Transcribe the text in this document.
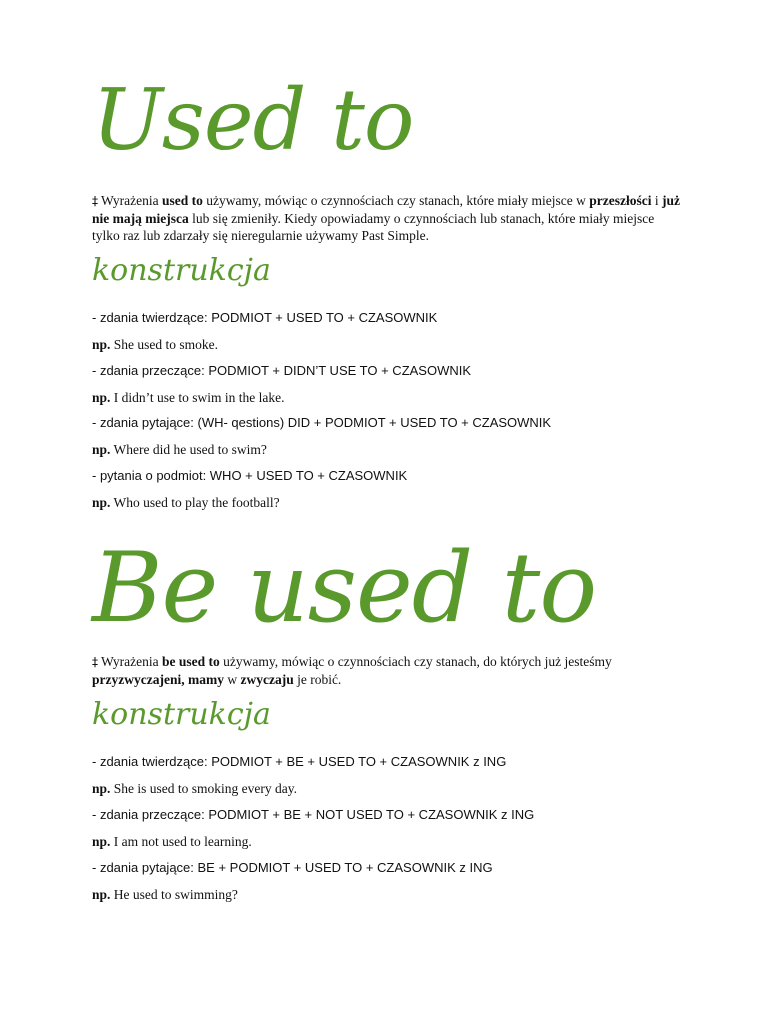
Used to
‡ Wyrażenia used to używamy, mówiąc o czynnościach czy stanach, które miały miejsce w przeszłości i już nie mają miejsca lub się zmieniły. Kiedy opowiadamy o czynnościach lub stanach, które miały miejsce tylko raz lub zdarzały się nieregularnie używamy Past Simple.
konstrukcja
- zdania twierdzące: PODMIOT + USED TO + CZASOWNIK
np. She used to smoke.
- zdania przeczące: PODMIOT + DIDN’T USE TO + CZASOWNIK
np. I didn’t use to swim in the lake.
- zdania pytające: (WH- qestions) DID + PODMIOT + USED TO + CZASOWNIK
np. Where did he used to swim?
- pytania o podmiot: WHO + USED TO + CZASOWNIK
np. Who used to play the football?
Be used to
‡ Wyrażenia be used to używamy, mówiąc o czynnościach czy stanach, do których już jesteśmy przyzwyczajeni, mamy w zwyczaju je robić.
konstrukcja
- zdania twierdzące: PODMIOT + BE + USED TO + CZASOWNIK z ING
np. She is used to smoking every day.
- zdania przeczące: PODMIOT + BE + NOT USED TO + CZASOWNIK z ING
np. I am not used to learning.
- zdania pytające: BE + PODMIOT + USED TO + CZASOWNIK z ING
np. He used to swimming?
